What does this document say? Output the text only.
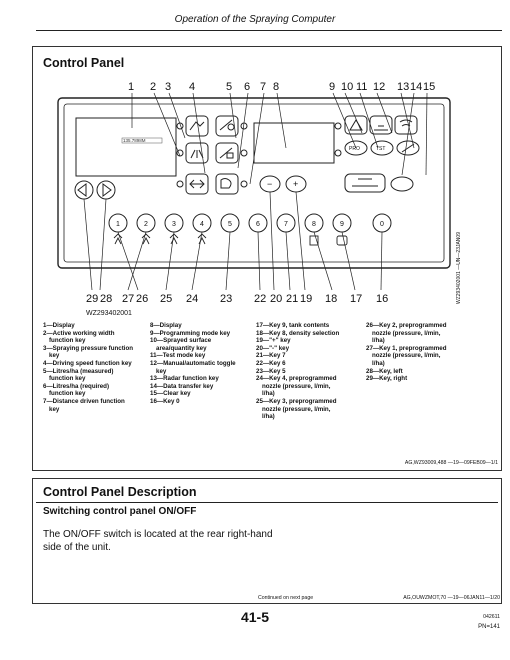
Operation of the Spraying Computer
Control Panel
1 2 3 4	5 6 7 8	9 10 11 12 13 14 15
135.7898M
PRO	TST
− +
1	2	3	4	5	6	7	8	9	0
29 28 27 26 25 24 23 22 20 21 19 18 17 16
WZ293402001
WZ293402001 —UN—23JAN09
1—Display
2—Active working width
function key
3—Spraying pressure function
key
4—Driving speed function key
5—Litres/ha (measured)
function key
6—Litres/ha (required)
function key
7—Distance driven function
key
8—Display
9—Programming mode key
10—Sprayed surface
area/quantity key
11—Test mode key
12—Manual/automatic toggle
key
13—Radar function key
14—Data transfer key
15—Clear key
16—Key 0
17—Key 9, tank contents
18—Key 8, density selection
19—"+" key
20—"-" key
21—Key 7
22—Key 6
23—Key 5
24—Key 4, preprogrammed
nozzle (pressure, l/min,
l/ha)
25—Key 3, preprogrammed
nozzle (pressure, l/min,
l/ha)
26—Key 2, preprogrammed
nozzle (pressure, l/min,
l/ha)
27—Key 1, preprogrammed
nozzle (pressure, l/min,
l/ha)
28—Key, left
29—Key, right
AG,WZ93009,488 —19—09FEB09—1/1
Control Panel Description
Switching control panel ON/OFF
The ON/OFF switch is located at the rear right-hand side of the unit.
Continued on next page	AG,OUWZMOT,70 —19—06JAN11—1/20
41-5	042611
PN=141
